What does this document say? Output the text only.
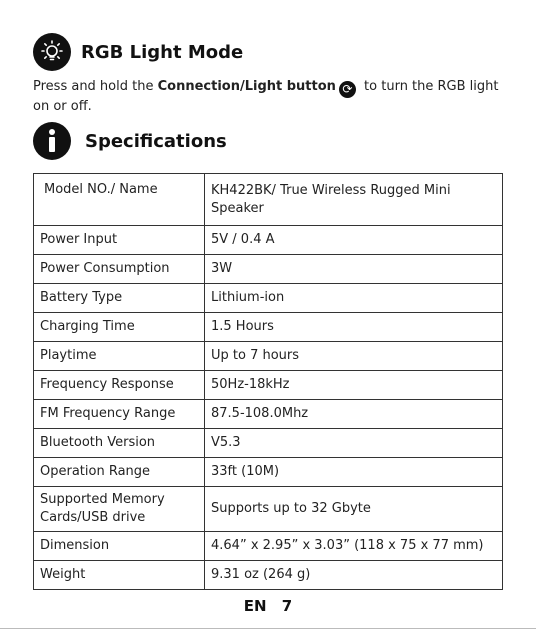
RGB Light Mode
Press and hold the Connection/Light button ⟳ to turn the RGB light on or off.
Specifications
Model NO./ Name	KH422BK/ True Wireless Rugged Mini Speaker
Power Input	5V / 0.4 A
Power Consumption	3W
Battery Type	Lithium-ion
Charging Time	1.5 Hours
Playtime	Up to 7 hours
Frequency Response	50Hz-18kHz
FM Frequency Range	87.5-108.0Mhz
Bluetooth Version	V5.3
Operation Range	33ft (10M)
Supported Memory Cards/USB drive	Supports up to 32 Gbyte
Dimension	4.64” x 2.95” x 3.03” (118 x 75 x 77 mm)
Weight	9.31 oz (264 g)
EN 7
